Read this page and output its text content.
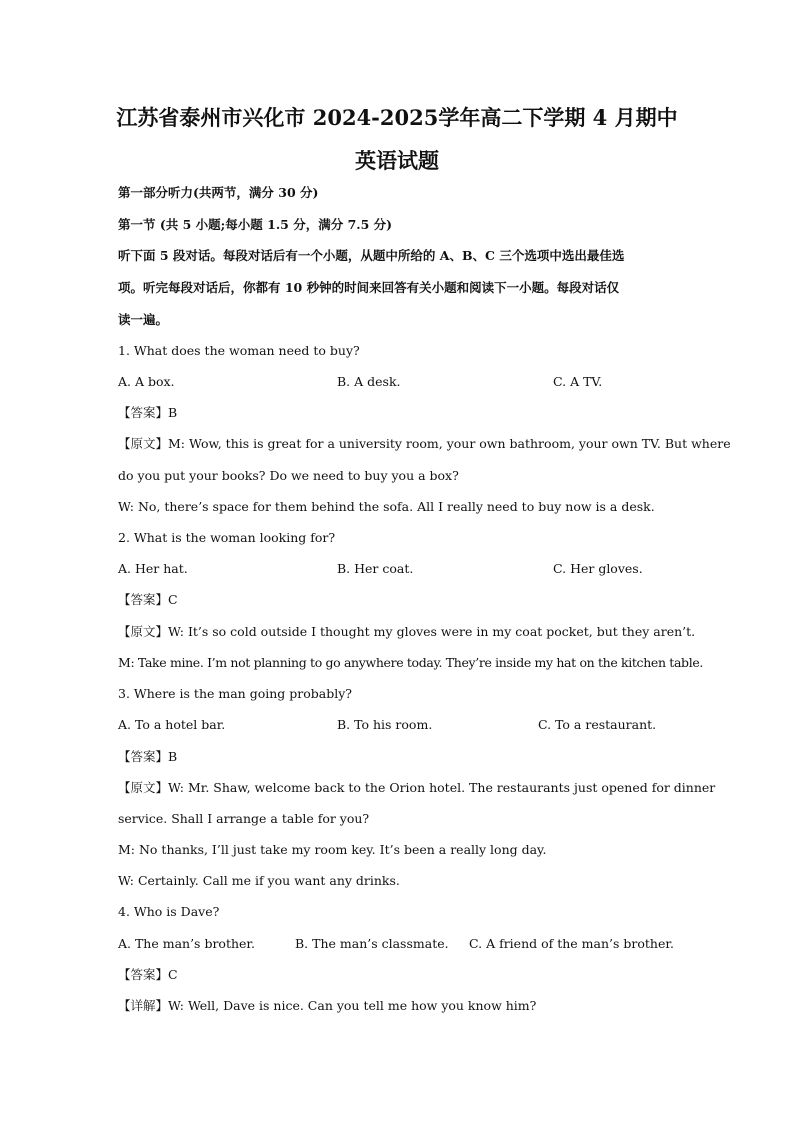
江苏省泰州市兴化市 2024-2025学年高二下学期 4 月期中
英语试题
第一部分听力(共两节，满分 30 分)
第一节 (共 5 小题;每小题 1.5 分，满分 7.5 分)
听下面 5 段对话。每段对话后有一个小题，从题中所给的 A、B、C 三个选项中选出最佳选
项。听完每段对话后，你都有 10 秒钟的时间来回答有关小题和阅读下一小题。每段对话仅
读一遍。
1. What does the woman need to buy?
A. A box.	B. A desk.	C. A TV.
【答案】B
【原文】M: Wow, this is great for a university room, your own bathroom, your own TV. But where
do you put your books? Do we need to buy you a box?
W: No, there’s space for them behind the sofa. All I really need to buy now is a desk.
2. What is the woman looking for?
A. Her hat.	B. Her coat.	C. Her gloves.
【答案】C
【原文】W: It’s so cold outside I thought my gloves were in my coat pocket, but they aren’t.
M: Take mine. I’m not planning to go anywhere today. They’re inside my hat on the kitchen table.
3. Where is the man going probably?
A. To a hotel bar.	B. To his room.	C. To a restaurant.
【答案】B
【原文】W: Mr. Shaw, welcome back to the Orion hotel. The restaurants just opened for dinner
service. Shall I arrange a table for you?
M: No thanks, I’ll just take my room key. It’s been a really long day.
W: Certainly. Call me if you want any drinks.
4. Who is Dave?
A. The man’s brother.	B. The man’s classmate. C. A friend of the man’s brother.
【答案】C
【详解】W: Well, Dave is nice. Can you tell me how you know him?
